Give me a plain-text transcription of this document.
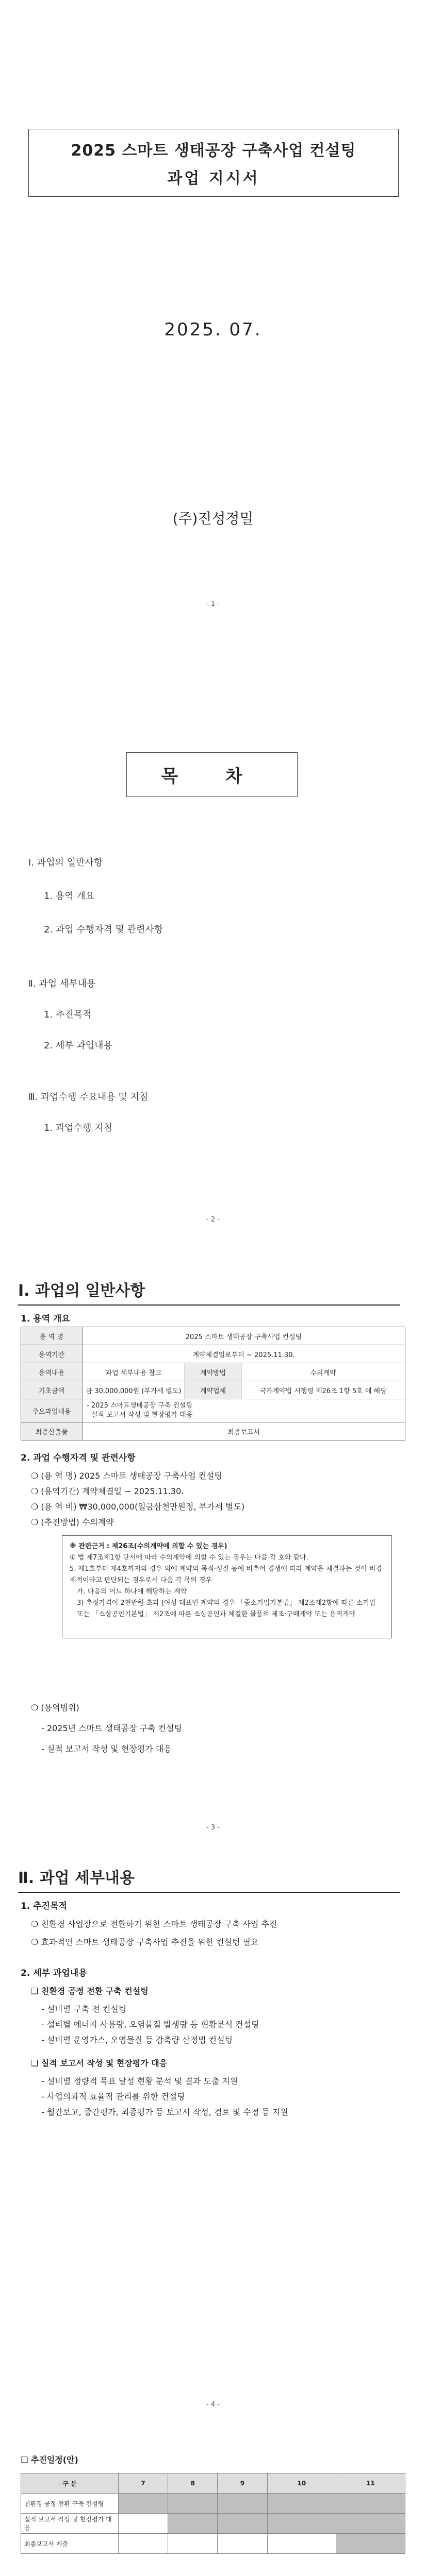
2025 스마트 생태공장 구축사업 컨설팅
과업 지시서
2025. 07.
(주)진성정밀
- 1 -
목 차
Ⅰ. 과업의 일반사항
1. 용역 개요
2. 과업 수행자격 및 관련사항
Ⅱ. 과업 세부내용
1. 추진목적
2. 세부 과업내용
Ⅲ. 과업수행 주요내용 및 지침
1. 과업수행 지침
- 2 -
Ⅰ. 과업의 일반사항
1. 용역 개요
용 역 명	2025 스마트 생태공장 구축사업 컨설팅		
용역기간	계약체결일로부터 ~ 2025.11.30.		
용역내용	과업 세부내용 참고	계약방법	수의계약
기초금액	금 30,000,000원 (부가세 별도)	계약업체	국가계약법 시행령 제26조 1항 5호 에 해당
주요과업내용	- 2025 스마트생태공장 구축 컨설팅
- 실적 보고서 작성 및 현장평가 대응		

최종산출물	최종보고서		
2. 과업 수행자격 및 관련사항
❍ (용 역 명) 2025 스마트 생태공장 구축사업 컨설팅
❍ (용역기간) 계약체결일 ~ 2025.11.30.
❍ (용 역 비) ₩30,000,000(일금삼천만원정, 부가세 별도)
❍ (추진방법) 수의계약
※ 관련근거 : 제26조(수의계약에 의할 수 있는 경우)
① 법 제7조제1항 단서에 따라 수의계약에 의할 수 있는 경우는 다음 각 호와 같다.
5. 제1호부터 제4호까지의 경우 외에 계약의 목적·성질 등에 비추어 경쟁에 따라 계약을 체결하는 것이 비경제적이라고 판단되는 경우로서 다음 각 목의 경우
가. 다음의 어느 하나에 해당하는 계약
3) 추정가격이 2천만원 초과 (여성 대표인 계약의 경우 「중소기업기본법」 제2조제2항에 따른 소기업 또는 「소상공인기본법」 제2조에 따른 소상공인과 체결한 물품의 제조·구매계약 또는 용역계약
❍ (용역범위)
- 2025년 스마트 생태공장 구축 컨설팅
- 실적 보고서 작성 및 현장평가 대응
- 3 -
Ⅱ. 과업 세부내용
1. 추진목적
❍ 친환경 사업장으로 전환하기 위한 스마트 생태공장 구축 사업 추진
❍ 효과적인 스마트 생태공장 구축사업 추진을 위한 컨설팅 필요
2. 세부 과업내용
❑ 친환경 공정 전환 구축 컨설팅
- 설비별 구축 전 컨설팅
- 설비별 에너지 사용량, 오염물질 발생량 등 현황분석 컨설팅
- 설비별 운영가스, 오염물질 등 감축량 산정법 컨설팅
❑ 실적 보고서 작성 및 현장평가 대응
- 설비별 정량적 목표 달성 현황 분석 및 결과 도출 지원
- 사업의과적 효율적 관리를 위한 컨설팅
- 월간보고, 중간평가, 최종평가 등 보고서 작성, 검토 및 수정 등 지원
- 4 -
❑ 추진일정(안)
구 분	7	8	9	10	11
친환경 공정 전환 구축 컨설팅					
실적 보고서 작성 및 현장평가 대응					
최종보고서 제출					
